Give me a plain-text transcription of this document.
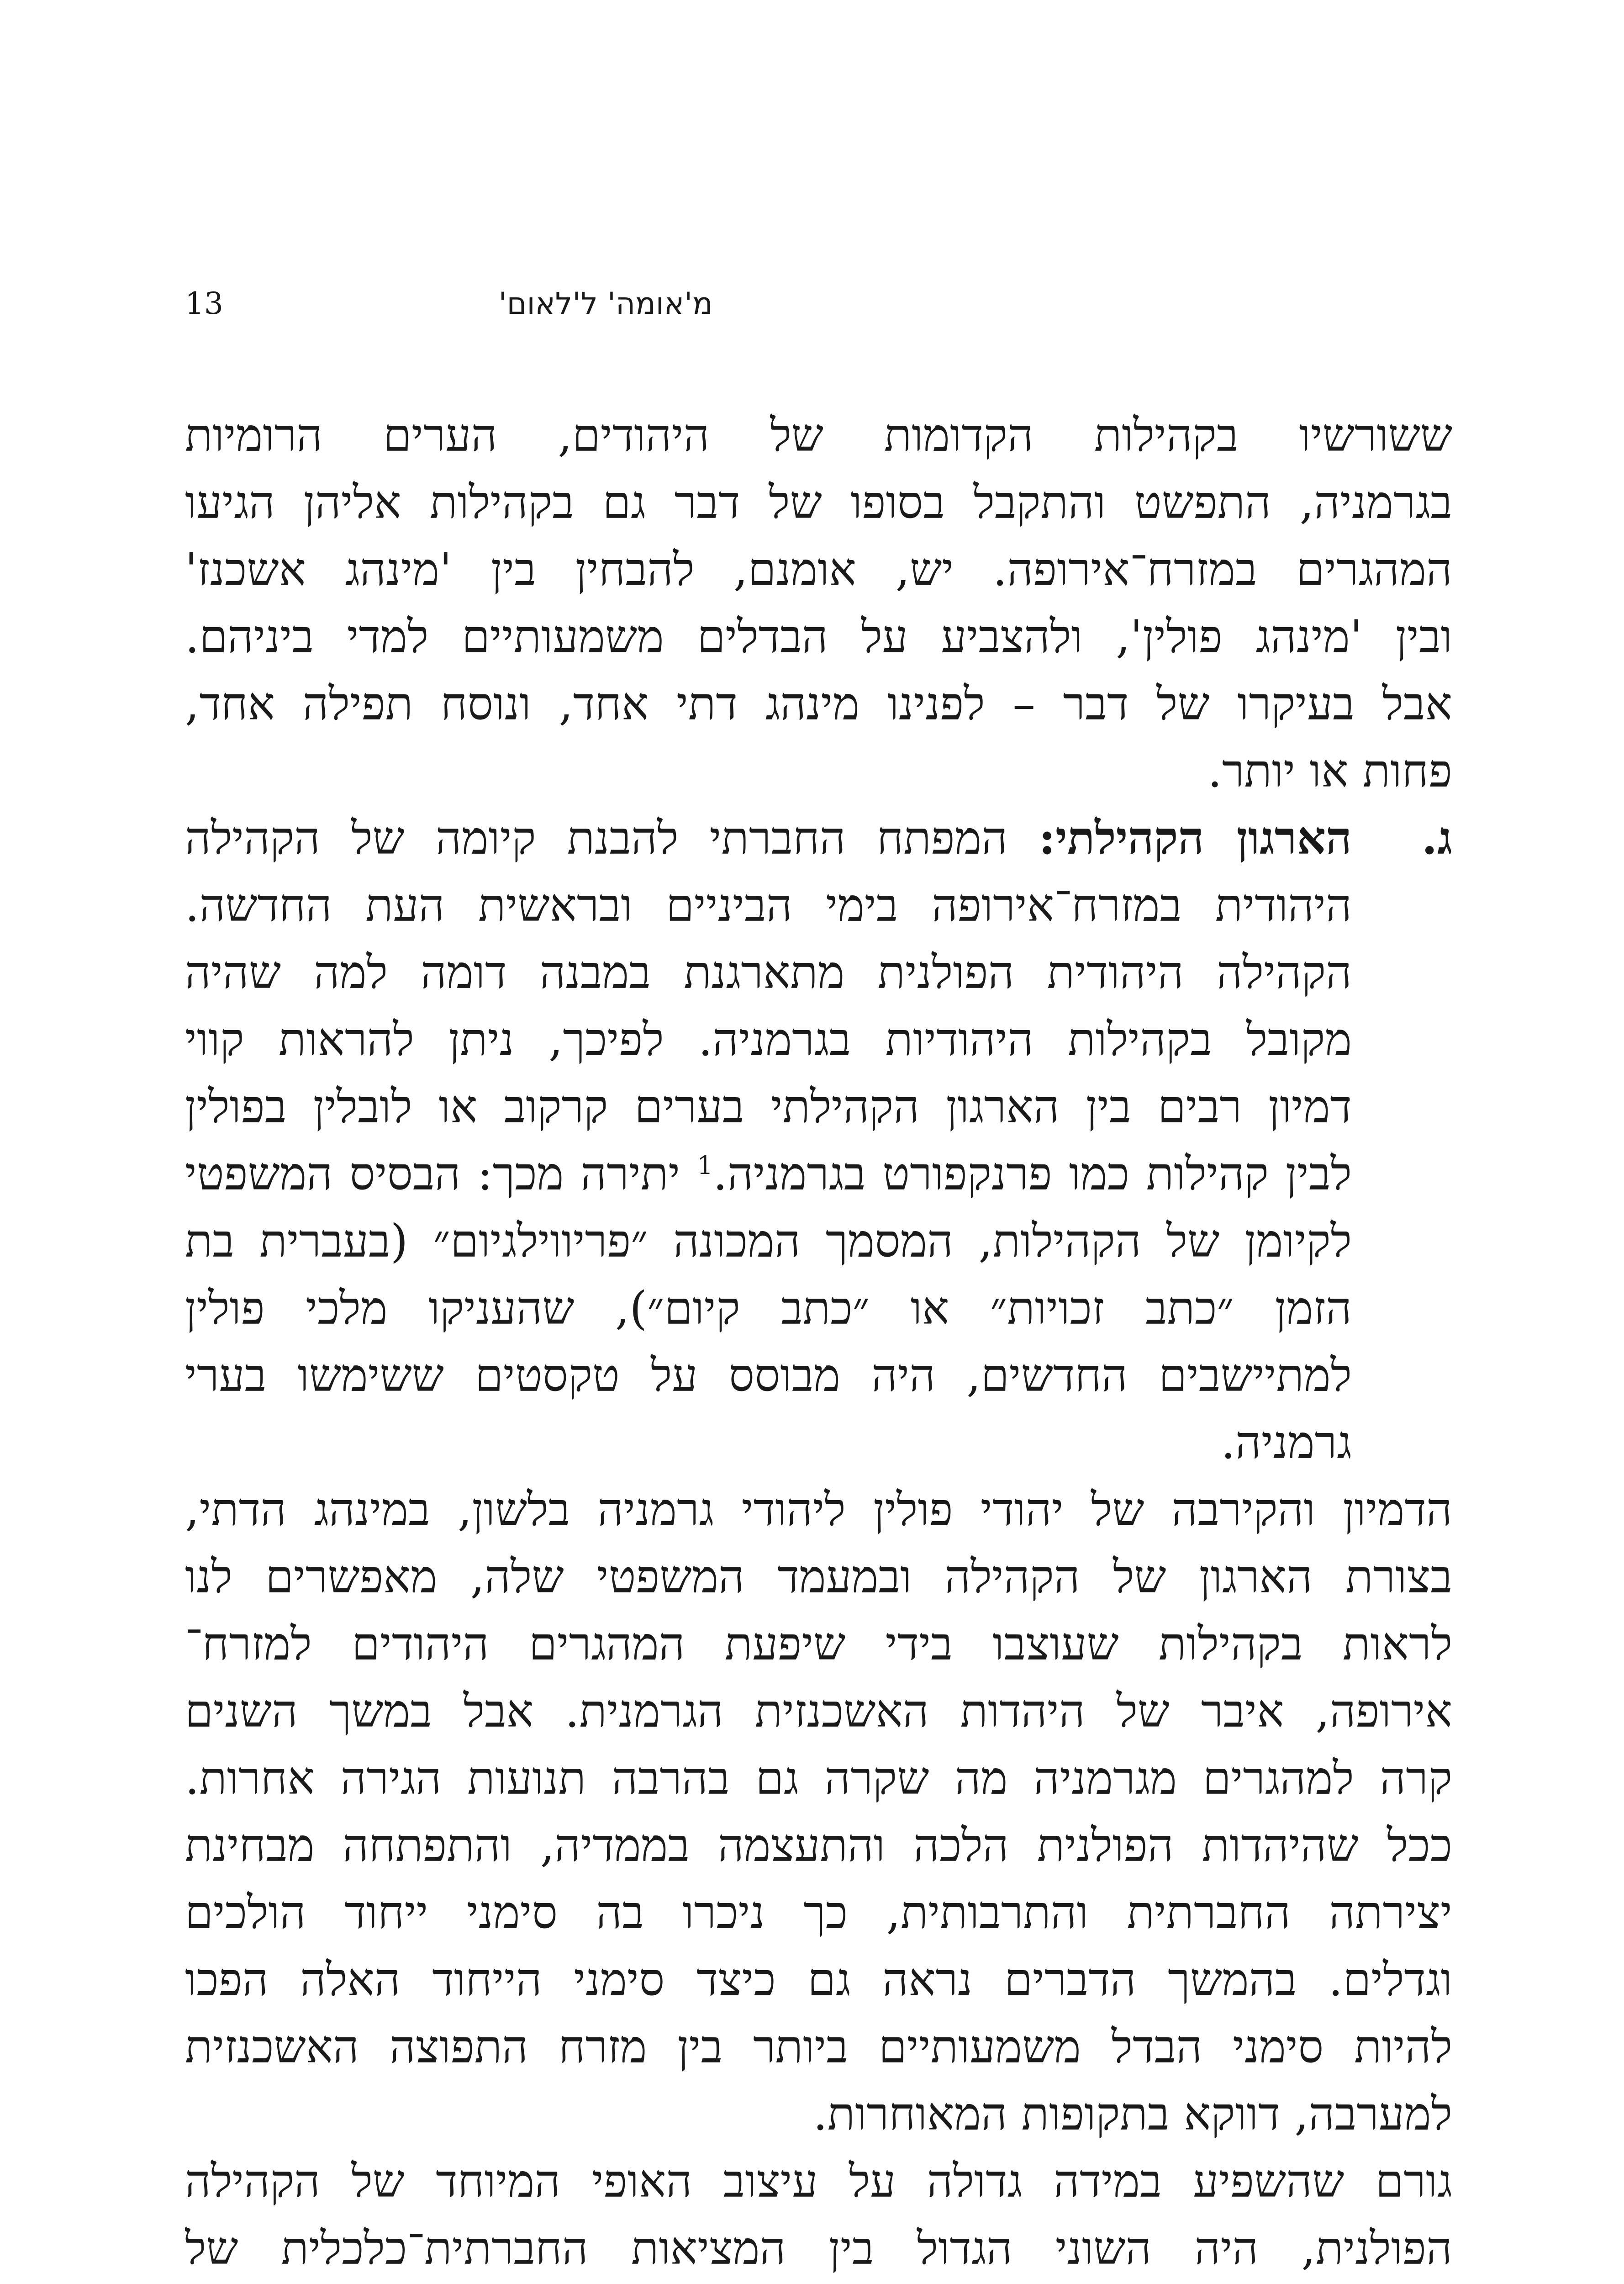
מ'אומה' ל'לאום'
13
ששורשיו בקהילות הקדומות של היהודים, הערים הרומיות
בגרמניה, התפשט והתקבל בסופו של דבר גם בקהילות אליהן הגיעו
המהגרים במזרח־אירופה. יש, אומנם, להבחין בין 'מינהג אשכנז'
ובין 'מינהג פולין', ולהצביע על הבדלים משמעותיים למדי ביניהם.
אבל בעיקרו של דבר – לפנינו מינהג דתי אחד, ונוסח תפילה אחד,
פחות או יותר.
ג.הארגון הקהילתי: המפתח החברתי להבנת קיומה של הקהילה
היהודית במזרח־אירופה בימי הביניים ובראשית העת החדשה.
הקהילה היהודית הפולנית מתארגנת במבנה דומה למה שהיה
מקובל בקהילות היהודיות בגרמניה. לפיכך, ניתן להראות קווי
דמיון רבים בין הארגון הקהילתי בערים קרקוב או לובלין בפולין
לבין קהילות כמו פרנקפורט בגרמניה.$^1$ יתירה מכך: הבסיס המשפטי
לקיומן של הקהילות, המסמך המכונה ״פריווילגיום״ (בעברית בת
הזמן ״כתב זכויות״ או ״כתב קיום״), שהעניקו מלכי פולין
למתיישבים החדשים, היה מבוסס על טקסטים ששימשו בערי
גרמניה.
הדמיון והקירבה של יהודי פולין ליהודי גרמניה בלשון, במינהג הדתי,
בצורת הארגון של הקהילה ובמעמד המשפטי שלה, מאפשרים לנו
לראות בקהילות שעוצבו בידי שיפעת המהגרים היהודים למזרח־
אירופה, איבר של היהדות האשכנזית הגרמנית. אבל במשך השנים
קרה למהגרים מגרמניה מה שקרה גם בהרבה תנועות הגירה אחרות.
ככל שהיהדות הפולנית הלכה והתעצמה בממדיה, והתפתחה מבחינת
יצירתה החברתית והתרבותית, כך ניכרו בה סימני ייחוד הולכים
וגדלים. בהמשך הדברים נראה גם כיצד סימני הייחוד האלה הפכו
להיות סימני הבדל משמעותיים ביותר בין מזרח התפוצה האשכנזית
למערבה, דווקא בתקופות המאוחרות.
גורם שהשפיע במידה גדולה על עיצוב האופי המיוחד של הקהילה
הפולנית, היה השוני הגדול בין המציאות החברתית־כלכלית של
